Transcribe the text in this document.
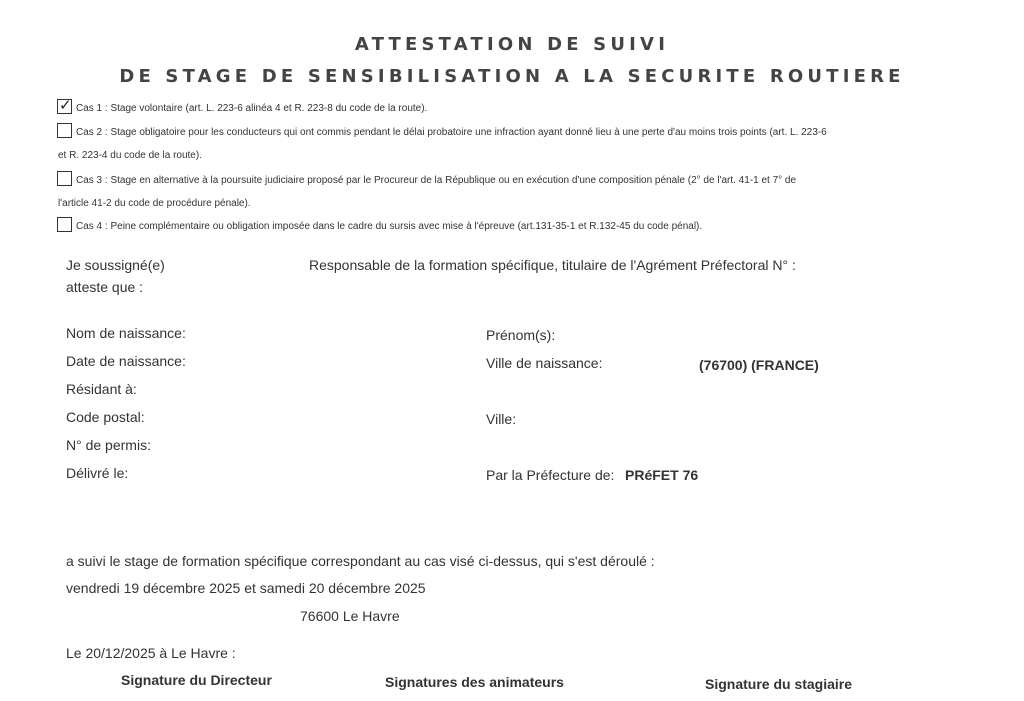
ATTESTATION DE SUIVI
DE STAGE DE SENSIBILISATION A LA SECURITE ROUTIERE
✓ Cas 1 : Stage volontaire (art. L. 223-6 alinéa 4 et R. 223-8 du code de la route).
Cas 2 : Stage obligatoire pour les conducteurs qui ont commis pendant le délai probatoire une infraction ayant donné lieu à une perte d'au moins trois points (art. L. 223-6
et R. 223-4 du code de la route).
Cas 3 : Stage en alternative à la poursuite judiciaire proposé par le Procureur de la République ou en exécution d'une composition pénale (2° de l'art. 41-1 et 7° de
l'article 41-2 du code de procédure pénale).
Cas 4 : Peine complémentaire ou obligation imposée dans le cadre du sursis avec mise à l'épreuve (art.131-35-1 et R.132-45 du code pénal).
Je soussigné(e)	Responsable de la formation spécifique, titulaire de l'Agrément Préfectoral N° :
atteste que :
Nom de naissance:	Prénom(s):
Date de naissance:	Ville de naissance:	(76700) (FRANCE)
Résidant à:
Code postal:	Ville:
N° de permis:
Délivré le:	Par la Préfecture de: PRéFET 76
a suivi le stage de formation spécifique correspondant au cas visé ci-dessus, qui s'est déroulé :
vendredi 19 décembre 2025 et samedi 20 décembre 2025
76600 Le Havre
Le 20/12/2025 à Le Havre :
Signature du Directeur	Signatures des animateurs	Signature du stagiaire
